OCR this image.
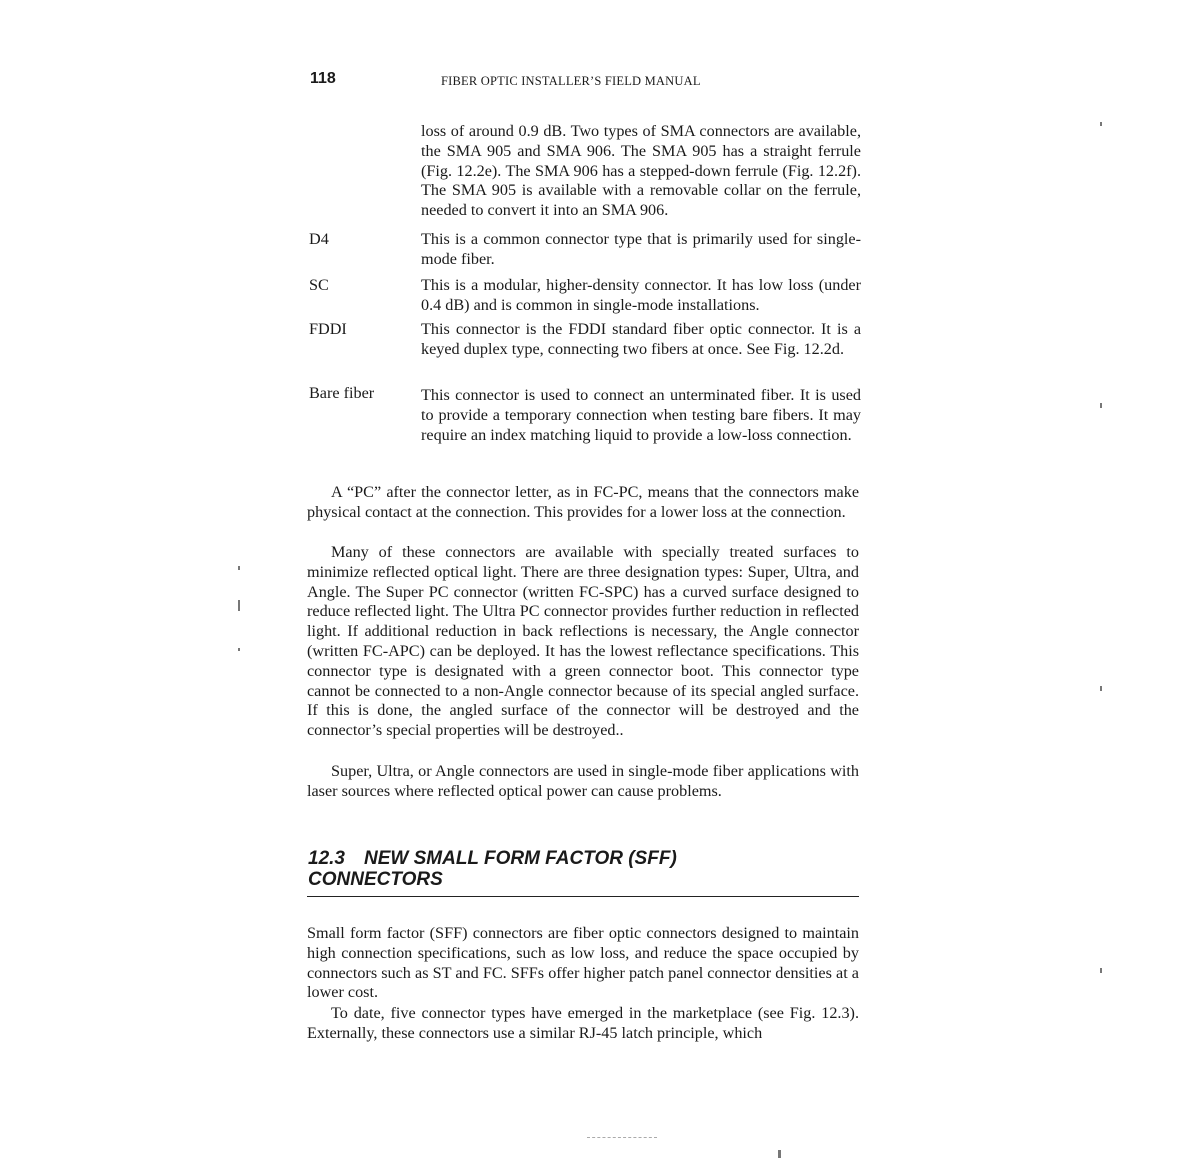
118	FIBER OPTIC INSTALLER’S FIELD MANUAL
loss of around 0.9 dB. Two types of SMA connectors are available, the SMA 905 and SMA 906. The SMA 905 has a straight ferrule (Fig. 12.2e). The SMA 906 has a stepped-down ferrule (Fig. 12.2f). The SMA 905 is available with a removable collar on the ferrule, needed to convert it into an SMA 906.
D4	This is a common connector type that is primarily used for single-mode fiber.
SC	This is a modular, higher-density connector. It has low loss (under 0.4 dB) and is common in single-mode installations.
FDDI	This connector is the FDDI standard fiber optic connector. It is a keyed duplex type, connecting two fibers at once. See Fig. 12.2d.
Bare fiber	This connector is used to connect an unterminated fiber. It is used to provide a temporary connection when testing bare fibers. It may require an index matching liquid to provide a low-loss connection.
A “PC” after the connector letter, as in FC-PC, means that the connectors make physical contact at the connection. This provides for a lower loss at the connection.
Many of these connectors are available with specially treated surfaces to minimize reflected optical light. There are three designation types: Super, Ultra, and Angle. The Super PC connector (written FC-SPC) has a curved surface designed to reduce reflected light. The Ultra PC connector provides further reduction in reflected light. If additional reduction in back reflections is necessary, the Angle connector (written FC-APC) can be deployed. It has the lowest reflectance specifications. This connector type is designated with a green connector boot. This connector type cannot be connected to a non-Angle connector because of its special angled surface. If this is done, the angled surface of the connector will be destroyed and the connector’s special properties will be destroyed..
Super, Ultra, or Angle connectors are used in single-mode fiber applications with laser sources where reflected optical power can cause problems.
12.3 NEW SMALL FORM FACTOR (SFF)
CONNECTORS
Small form factor (SFF) connectors are fiber optic connectors designed to maintain high connection specifications, such as low loss, and reduce the space occupied by connectors such as ST and FC. SFFs offer higher patch panel connector densities at a lower cost.
To date, five connector types have emerged in the marketplace (see Fig. 12.3). Externally, these connectors use a similar RJ-45 latch principle, which
